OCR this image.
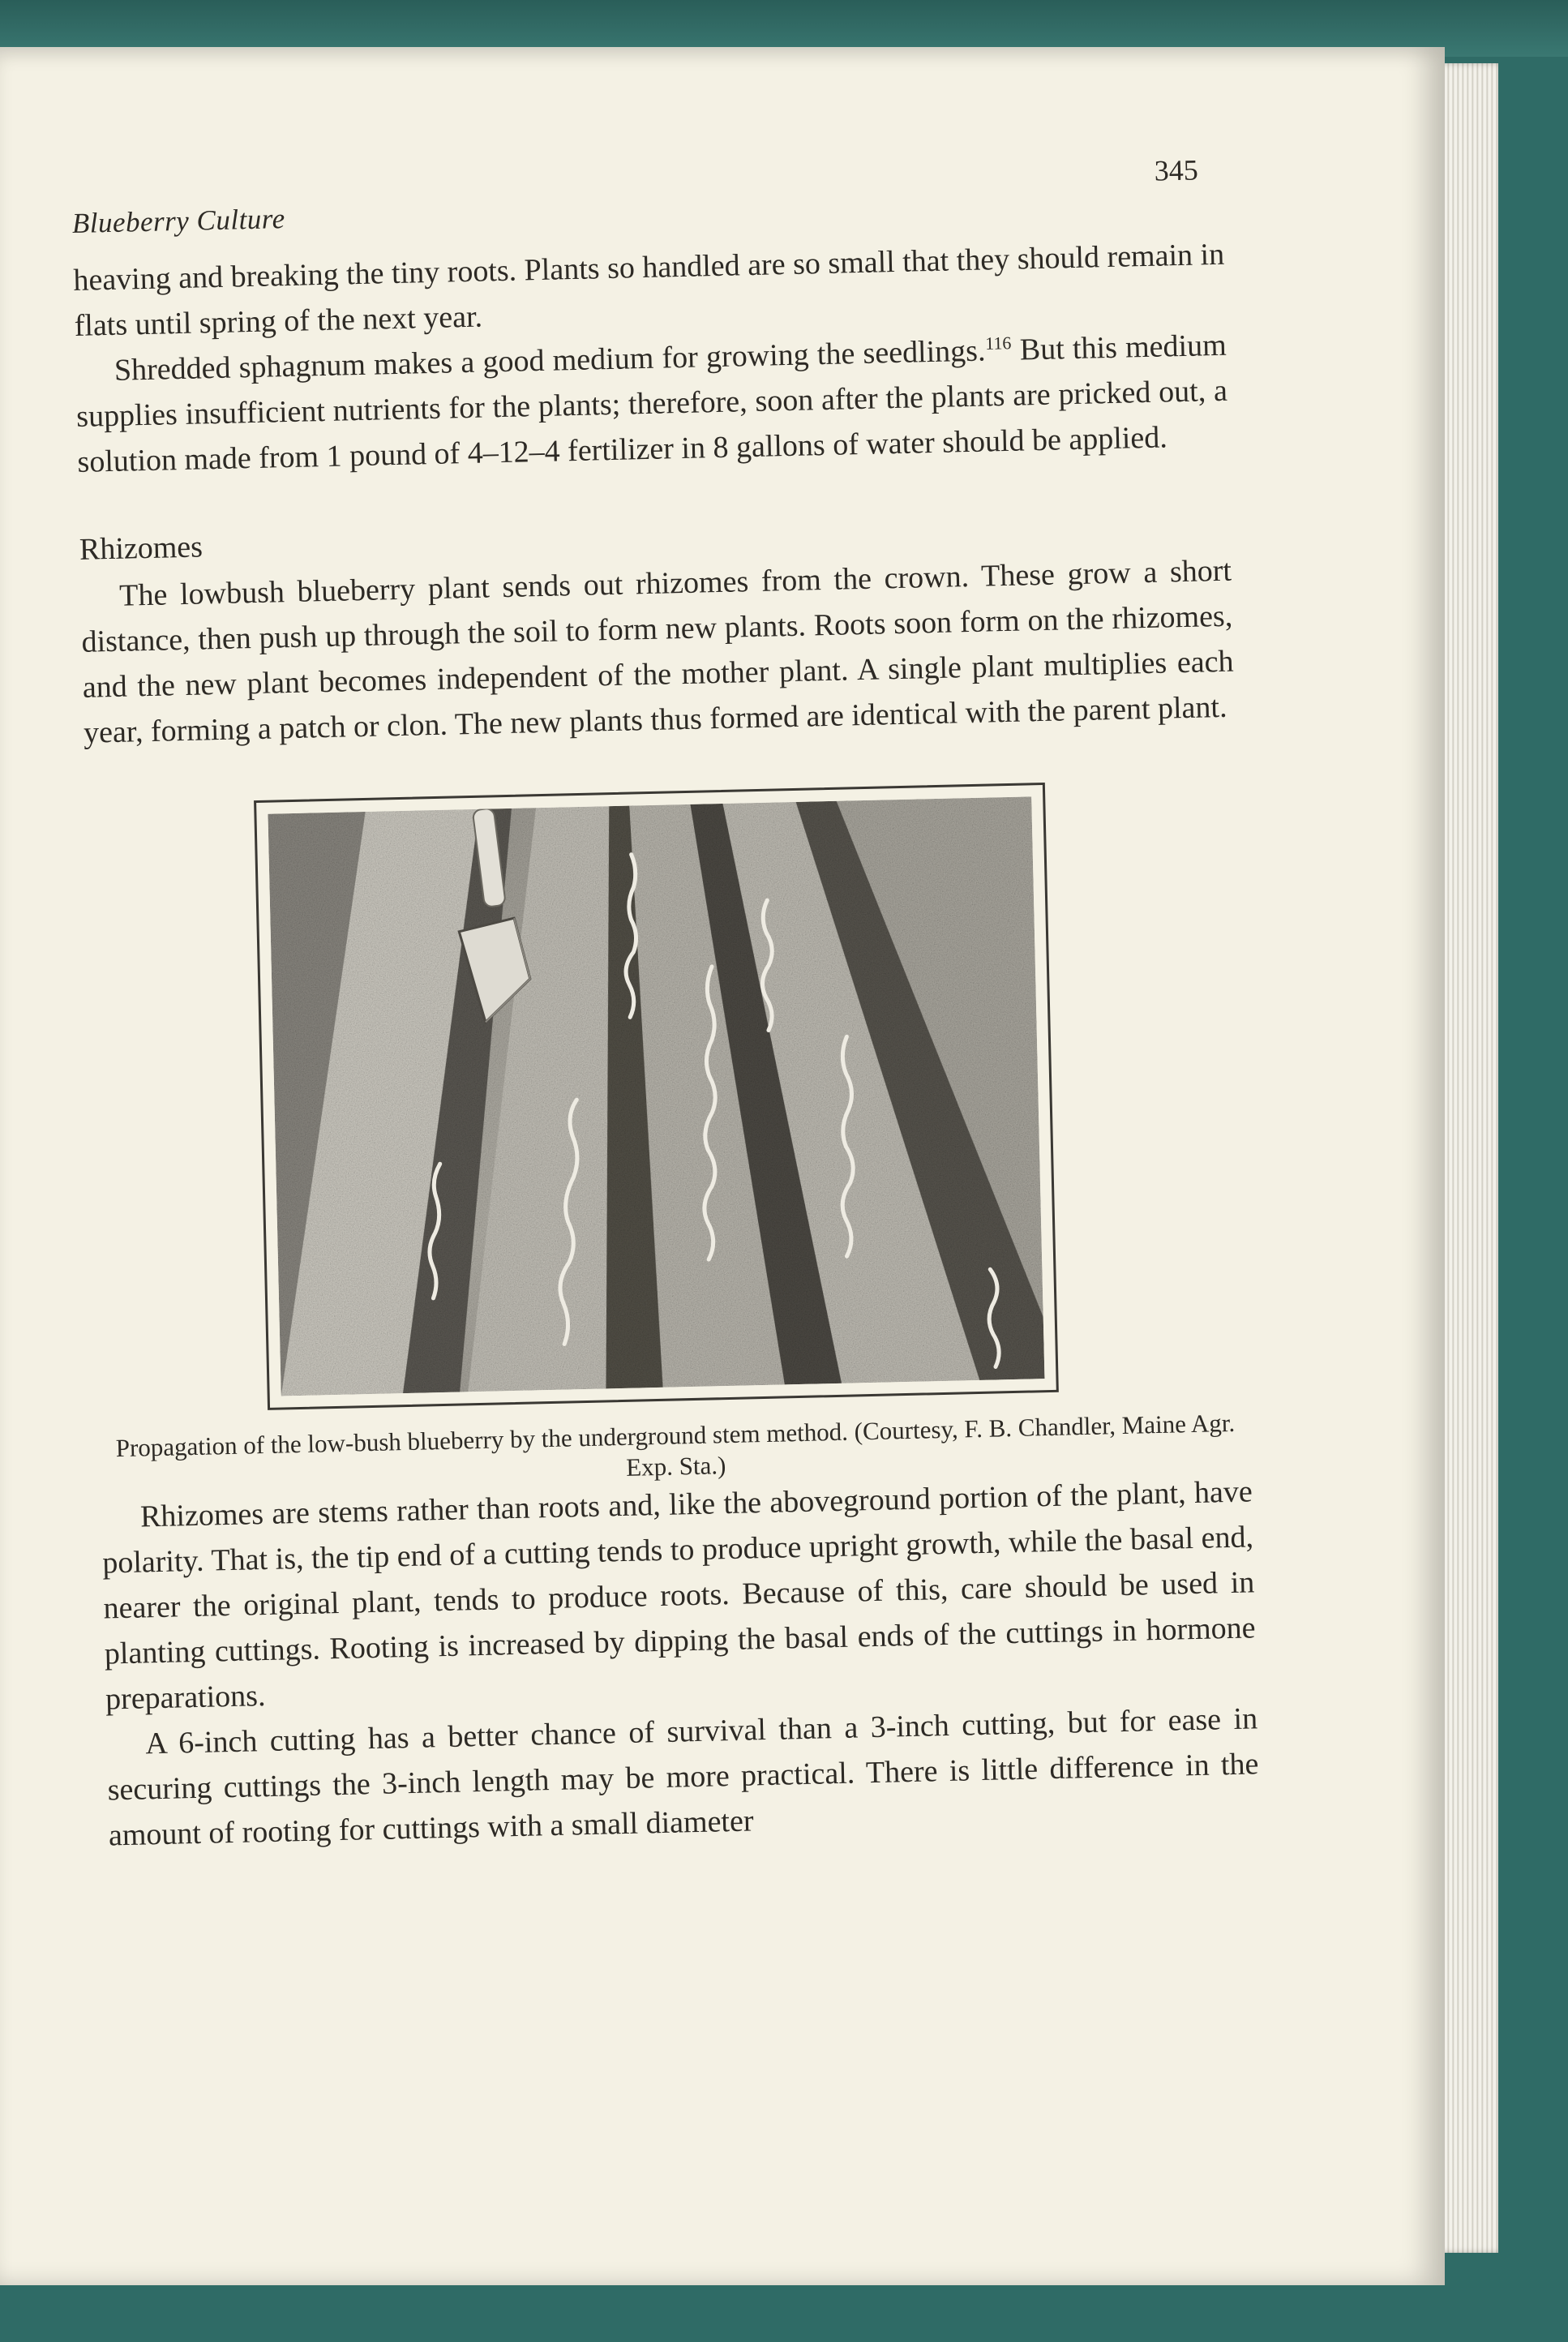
Blueberry Culture
345

heaving and breaking the tiny roots. Plants so handled are so small that they should remain in flats until spring of the next year.

Shredded sphagnum makes a good medium for growing the seedlings.$^{116}$ But this medium supplies insufficient nutrients for the plants; therefore, soon after the plants are pricked out, a solution made from 1 pound of 4–12–4 fertilizer in 8 gallons of water should be applied.

Rhizomes

The lowbush blueberry plant sends out rhizomes from the crown. These grow a short distance, then push up through the soil to form new plants. Roots soon form on the rhizomes, and the new plant becomes independent of the mother plant. A single plant multiplies each year, forming a patch or clon. The new plants thus formed are identical with the parent plant.

Propagation of the low-bush blueberry by the underground stem method. (Courtesy, F. B. Chandler, Maine Agr. Exp. Sta.)

Rhizomes are stems rather than roots and, like the aboveground portion of the plant, have polarity. That is, the tip end of a cutting tends to produce upright growth, while the basal end, nearer the original plant, tends to produce roots. Because of this, care should be used in planting cuttings. Rooting is increased by dipping the basal ends of the cuttings in hormone preparations.

A 6-inch cutting has a better chance of survival than a 3-inch cutting, but for ease in securing cuttings the 3-inch length may be more practical. There is little difference in the amount of rooting for cuttings with a small diameter
